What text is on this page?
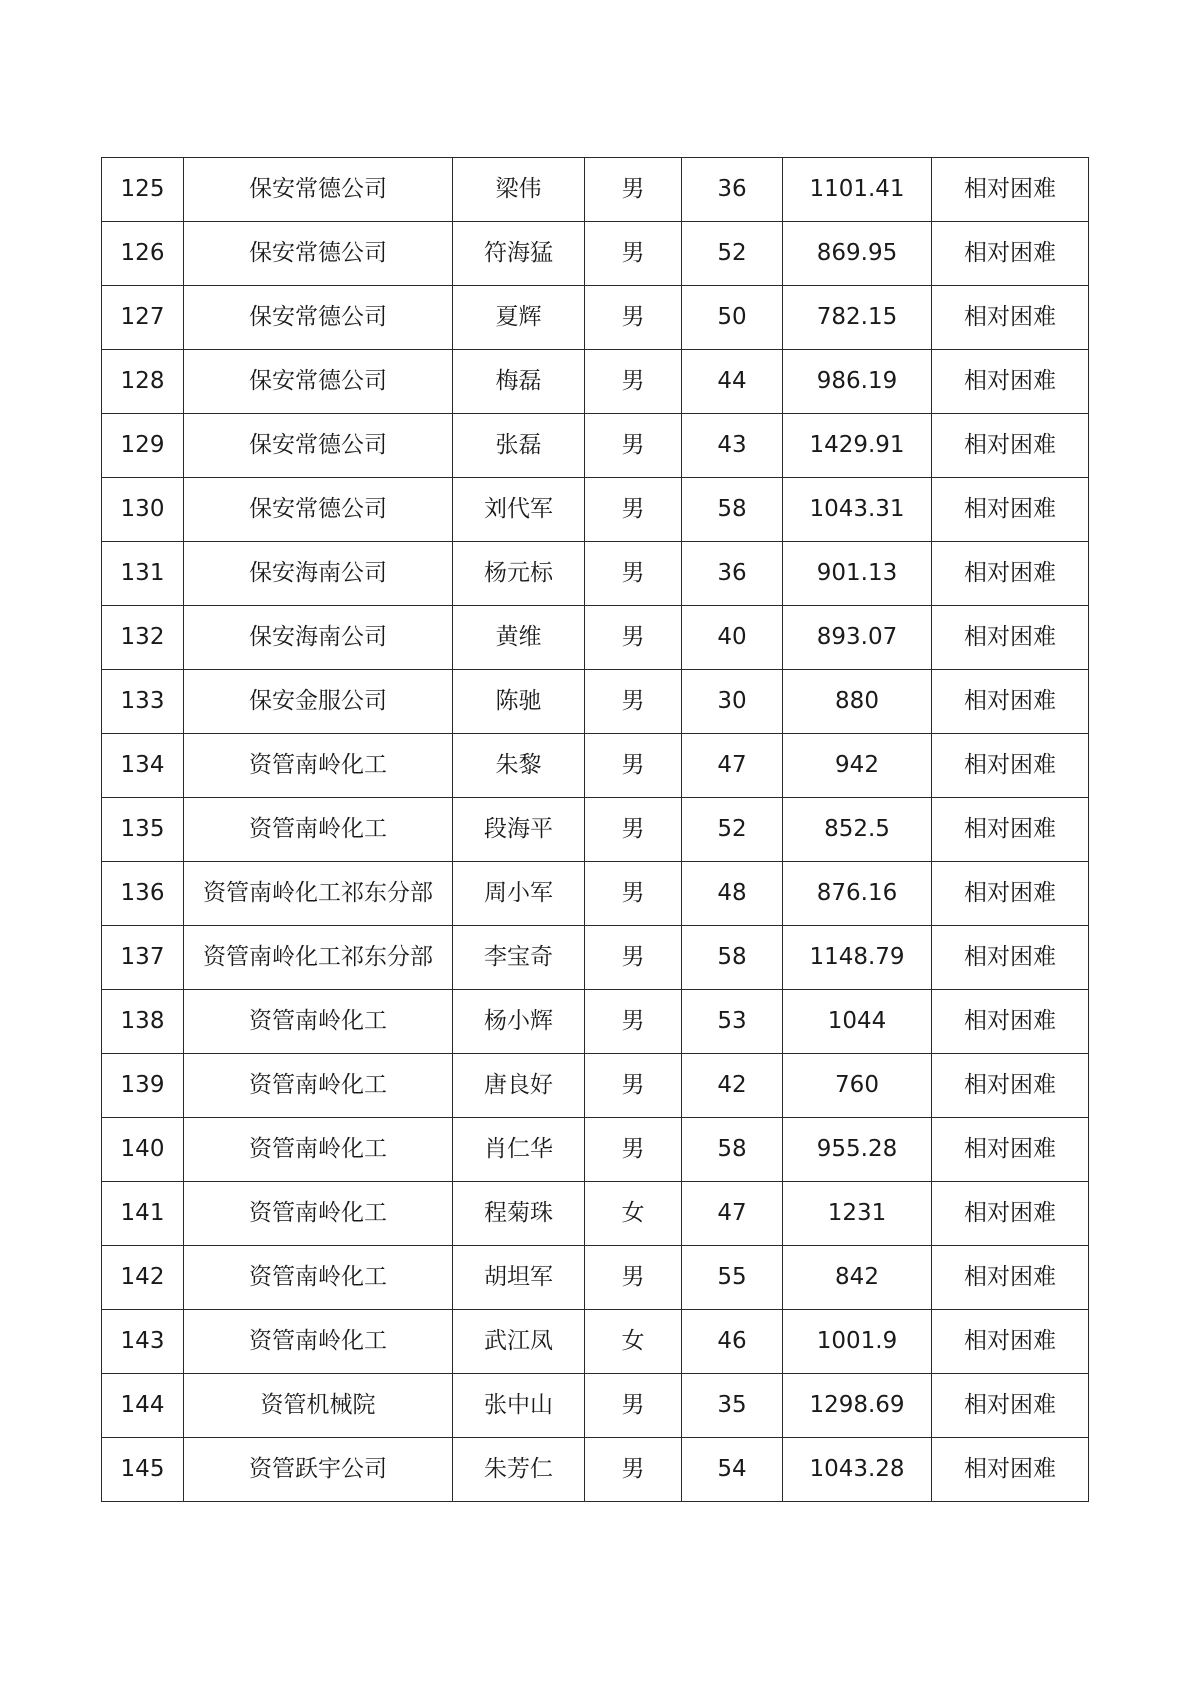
125	保安常德公司	梁伟	男	36	1101.41	相对困难
126	保安常德公司	符海猛	男	52	869.95	相对困难
127	保安常德公司	夏辉	男	50	782.15	相对困难
128	保安常德公司	梅磊	男	44	986.19	相对困难
129	保安常德公司	张磊	男	43	1429.91	相对困难
130	保安常德公司	刘代军	男	58	1043.31	相对困难
131	保安海南公司	杨元标	男	36	901.13	相对困难
132	保安海南公司	黄维	男	40	893.07	相对困难
133	保安金服公司	陈驰	男	30	880	相对困难
134	资管南岭化工	朱黎	男	47	942	相对困难
135	资管南岭化工	段海平	男	52	852.5	相对困难
136	资管南岭化工祁东分部	周小军	男	48	876.16	相对困难
137	资管南岭化工祁东分部	李宝奇	男	58	1148.79	相对困难
138	资管南岭化工	杨小辉	男	53	1044	相对困难
139	资管南岭化工	唐良好	男	42	760	相对困难
140	资管南岭化工	肖仁华	男	58	955.28	相对困难
141	资管南岭化工	程菊珠	女	47	1231	相对困难
142	资管南岭化工	胡坦军	男	55	842	相对困难
143	资管南岭化工	武江凤	女	46	1001.9	相对困难
144	资管机械院	张中山	男	35	1298.69	相对困难
145	资管跃宇公司	朱芳仁	男	54	1043.28	相对困难
